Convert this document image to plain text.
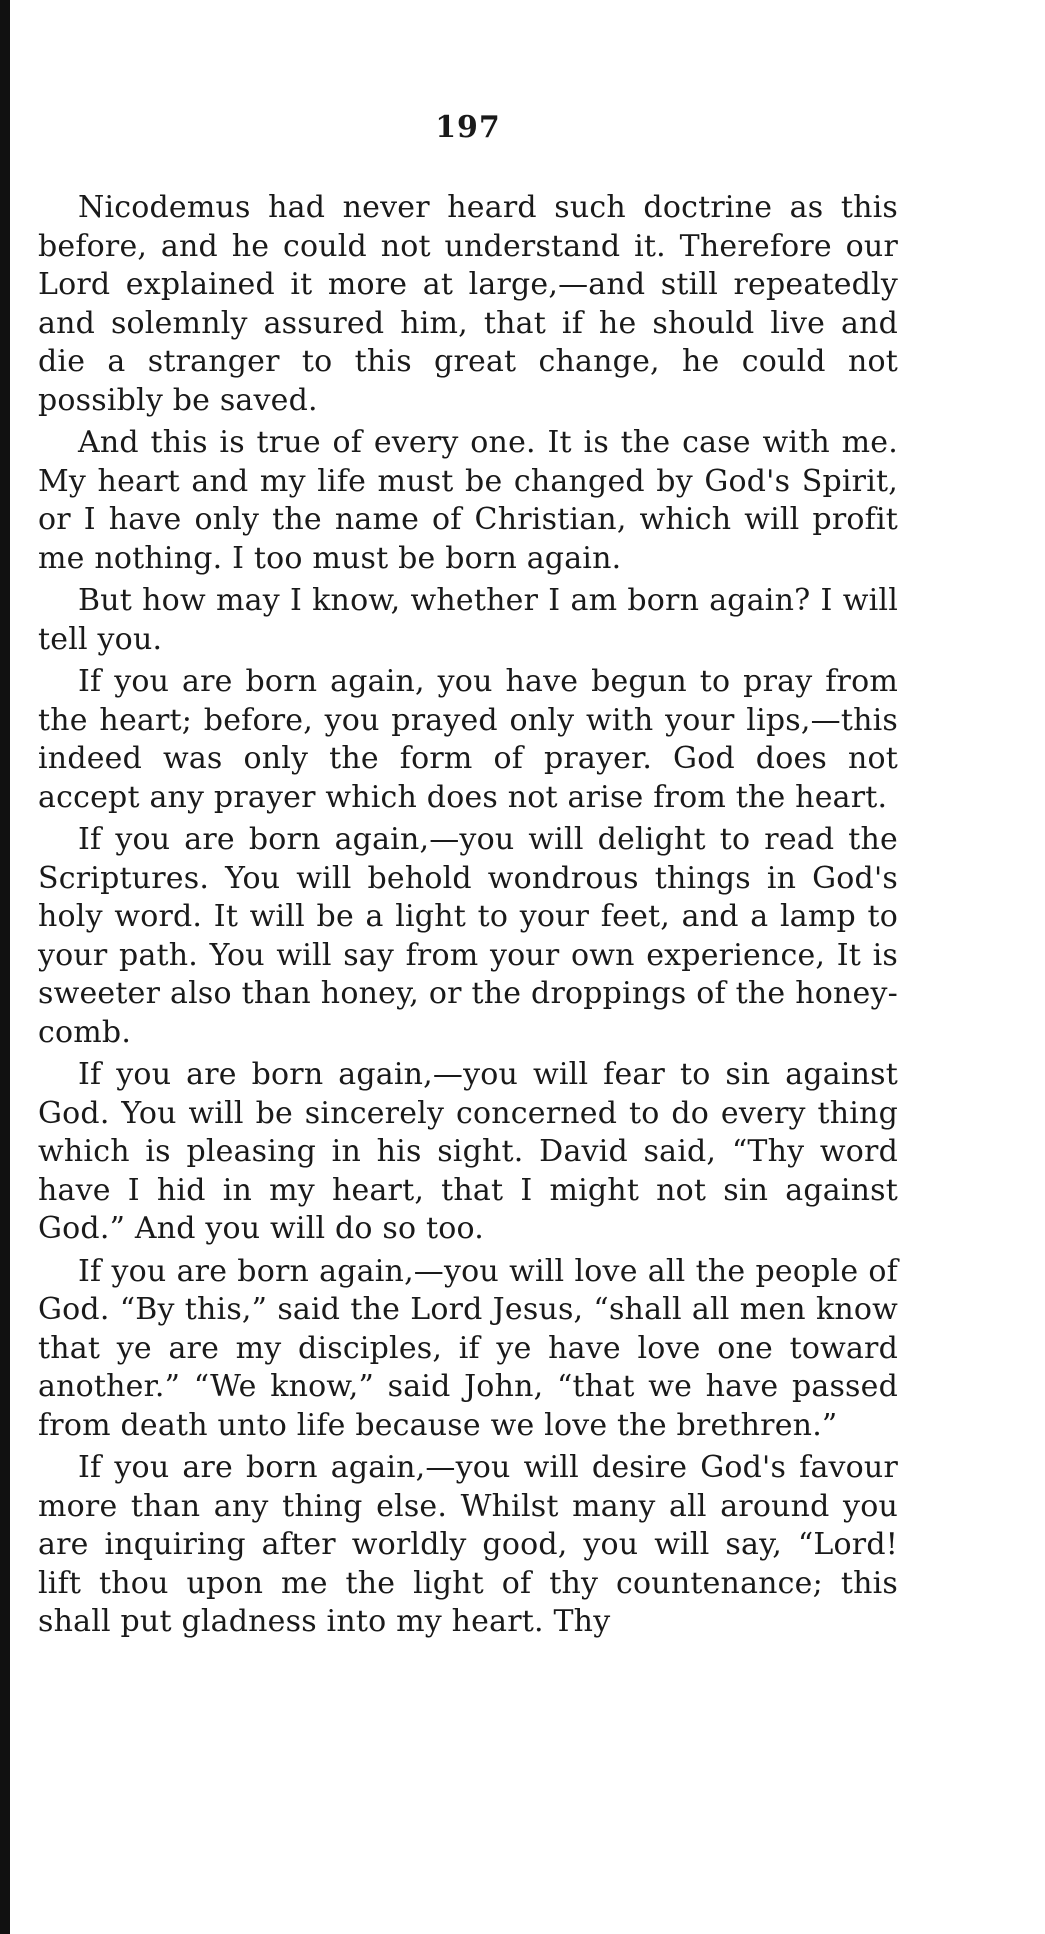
197

Nicodemus had never heard such doctrine as this before, and he could not understand it. Therefore our Lord explained it more at large,—and still repeatedly and solemnly assured him, that if he should live and die a stranger to this great change, he could not possibly be saved.

And this is true of every one. It is the case with me. My heart and my life must be changed by God's Spirit, or I have only the name of Christian, which will profit me nothing. I too must be born again.

But how may I know, whether I am born again? I will tell you.

If you are born again, you have begun to pray from the heart; before, you prayed only with your lips,—this indeed was only the form of prayer. God does not accept any prayer which does not arise from the heart.

If you are born again,—you will delight to read the Scriptures. You will behold wondrous things in God's holy word. It will be a light to your feet, and a lamp to your path. You will say from your own experience, It is sweeter also than honey, or the droppings of the honey-comb.

If you are born again,—you will fear to sin against God. You will be sincerely concerned to do every thing which is pleasing in his sight. David said, “Thy word have I hid in my heart, that I might not sin against God.” And you will do so too.

If you are born again,—you will love all the people of God. “By this,” said the Lord Jesus, “shall all men know that ye are my disciples, if ye have love one toward another.” “We know,” said John, “that we have passed from death unto life because we love the brethren.”

If you are born again,—you will desire God's favour more than any thing else. Whilst many all around you are inquiring after worldly good, you will say, “Lord! lift thou upon me the light of thy countenance; this shall put gladness into my heart. Thy
